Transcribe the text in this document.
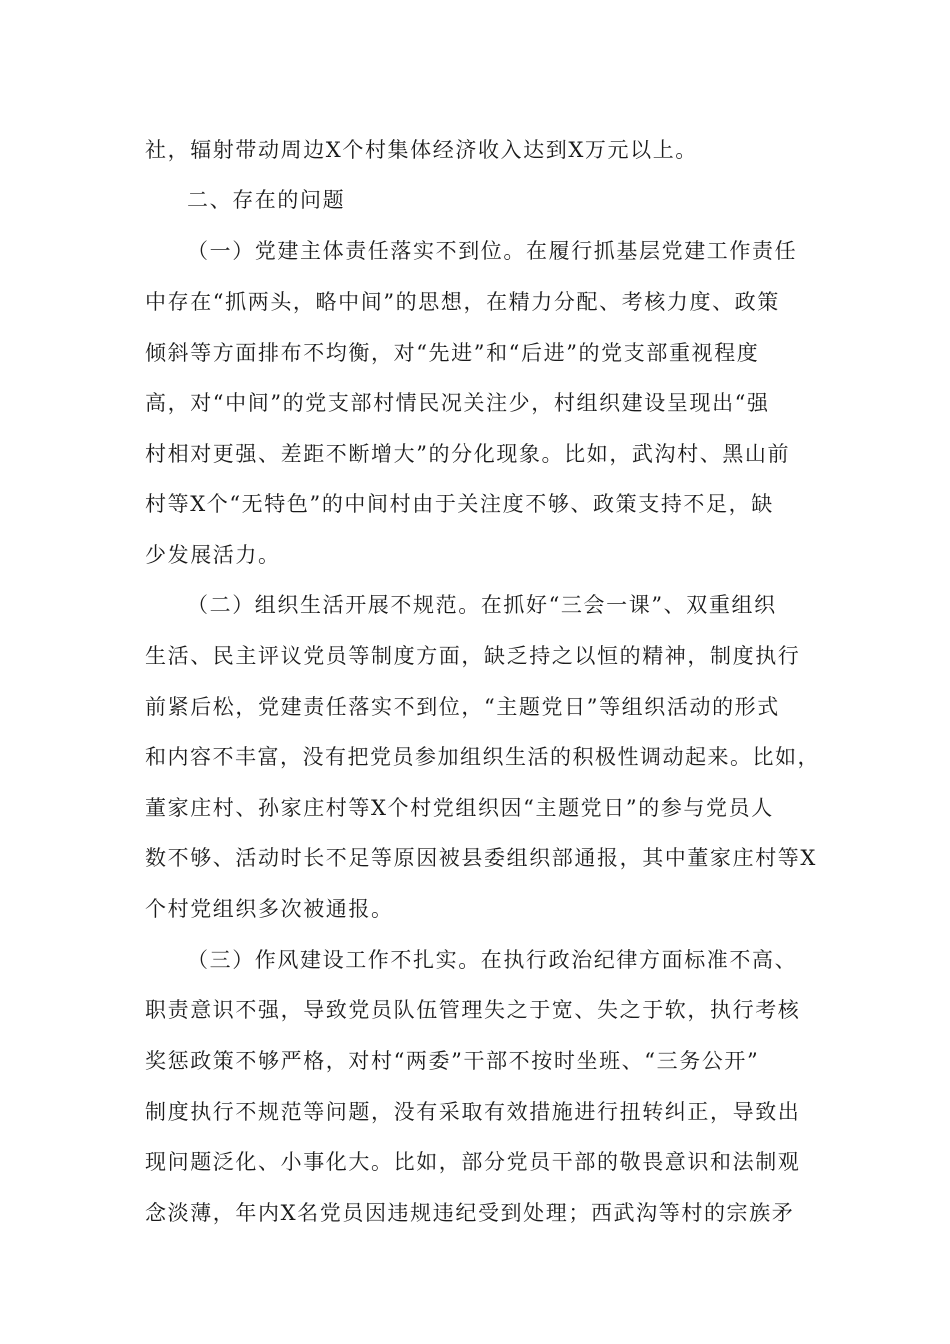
社，辐射带动周边X个村集体经济收入达到X万元以上。
二、存在的问题
（一）党建主体责任落实不到位。在履行抓基层党建工作责任
中存在“抓两头，略中间”的思想，在精力分配、考核力度、政策
倾斜等方面排布不均衡，对“先进”和“后进”的党支部重视程度
高，对“中间”的党支部村情民况关注少，村组织建设呈现出“强
村相对更强、差距不断增大”的分化现象。比如，武沟村、黑山前
村等X个“无特色”的中间村由于关注度不够、政策支持不足，缺
少发展活力。
（二）组织生活开展不规范。在抓好“三会一课”、双重组织
生活、民主评议党员等制度方面，缺乏持之以恒的精神，制度执行
前紧后松，党建责任落实不到位，“主题党日”等组织活动的形式
和内容不丰富，没有把党员参加组织生活的积极性调动起来。比如，
董家庄村、孙家庄村等X个村党组织因“主题党日”的参与党员人
数不够、活动时长不足等原因被县委组织部通报，其中董家庄村等X
个村党组织多次被通报。
（三）作风建设工作不扎实。在执行政治纪律方面标准不高、
职责意识不强，导致党员队伍管理失之于宽、失之于软，执行考核
奖惩政策不够严格，对村“两委”干部不按时坐班、“三务公开”
制度执行不规范等问题，没有采取有效措施进行扭转纠正，导致出
现问题泛化、小事化大。比如，部分党员干部的敬畏意识和法制观
念淡薄，年内X名党员因违规违纪受到处理；西武沟等村的宗族矛
